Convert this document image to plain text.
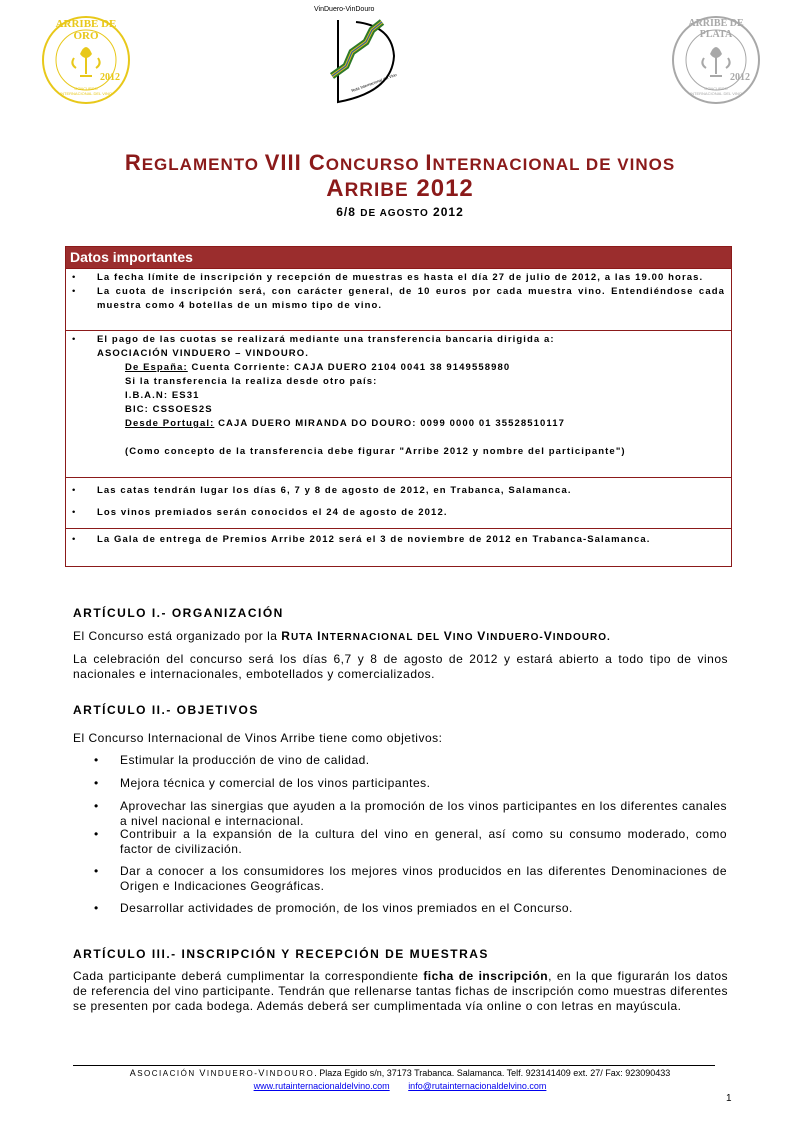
ARRIBE DE ORO
2012
CONCURSO INTERNACIONAL DEL VINO
VinDuero-VinDouro
Ruta Internacional del Vino
ARRIBE DE PLATA
2012
CONCURSO INTERNACIONAL DEL VINO
REGLAMENTO VIII CONCURSO INTERNACIONAL DE VINOS
ARRIBE 2012
6/8 DE AGOSTO 2012
Datos importantes
• La fecha límite de inscripción y recepción de muestras es hasta el día 27 de julio de 2012, a las 19.00 horas.
• La cuota de inscripción será, con carácter general, de 10 euros por cada muestra vino. Entendiéndose cada muestra como 4 botellas de un mismo tipo de vino.
• El pago de las cuotas se realizará mediante una transferencia bancaria dirigida a:
ASOCIACIÓN VINDUERO – VINDOURO.
De España: Cuenta Corriente: CAJA DUERO 2104 0041 38 9149558980
Si la transferencia la realiza desde otro país:
I.B.A.N: ES31
BIC: CSSOES2S
Desde Portugal: CAJA DUERO MIRANDA DO DOURO: 0099 0000 01 35528510117
(Como concepto de la transferencia debe figurar "Arribe 2012 y nombre del participante")
• Las catas tendrán lugar los días 6, 7 y 8 de agosto de 2012, en Trabanca, Salamanca.
• Los vinos premiados serán conocidos el 24 de agosto de 2012.
• La Gala de entrega de Premios Arribe 2012 será el 3 de noviembre de 2012 en Trabanca-Salamanca.
ARTÍCULO I.- ORGANIZACIÓN
El Concurso está organizado por la RUTA INTERNACIONAL DEL VINO VINDUERO-VINDOURO.
La celebración del concurso será los días 6,7 y 8 de agosto de 2012 y estará abierto a todo tipo de vinos nacionales e internacionales, embotellados y comercializados.
ARTÍCULO II.- OBJETIVOS
El Concurso Internacional de Vinos Arribe tiene como objetivos:
• Estimular la producción de vino de calidad.
• Mejora técnica y comercial de los vinos participantes.
• Aprovechar las sinergias que ayuden a la promoción de los vinos participantes en los diferentes canales a nivel nacional e internacional.
• Contribuir a la expansión de la cultura del vino en general, así como su consumo moderado, como factor de civilización.
• Dar a conocer a los consumidores los mejores vinos producidos en las diferentes Denominaciones de Origen e Indicaciones Geográficas.
• Desarrollar actividades de promoción, de los vinos premiados en el Concurso.
ARTÍCULO III.- INSCRIPCIÓN Y RECEPCIÓN DE MUESTRAS
Cada participante deberá cumplimentar la correspondiente ficha de inscripción, en la que figurarán los datos de referencia del vino participante. Tendrán que rellenarse tantas fichas de inscripción como muestras diferentes se presenten por cada bodega. Además deberá ser cumplimentada vía online o con letras en mayúscula.
ASOCIACIÓN VINDUERO-VINDOURO. Plaza Egido s/n, 37173 Trabanca. Salamanca. Telf. 923141409 ext. 27/ Fax: 923090433
www.rutainternacionaldelvino.com info@rutainternacionaldelvino.com
1
